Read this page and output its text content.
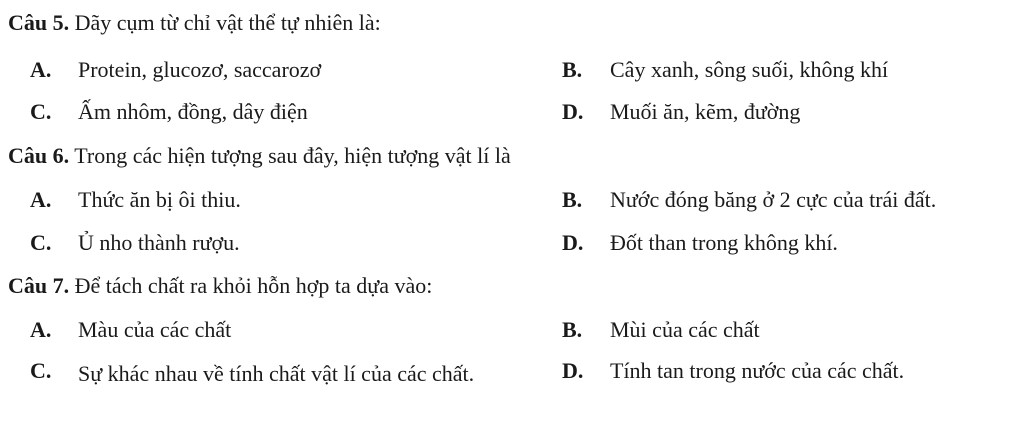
Câu 5. Dãy cụm từ chỉ vật thể tự nhiên là:
A.	Protein, glucozơ, saccarozơ	B.	Cây xanh, sông suối, không khí
C.	Ấm nhôm, đồng, dây điện	D.	Muối ăn, kẽm, đường
Câu 6. Trong các hiện tượng sau đây, hiện tượng vật lí là
A.	Thức ăn bị ôi thiu.	B.	Nước đóng băng ở 2 cực của trái đất.
C.	Ủ nho thành rượu.	D.	Đốt than trong không khí.
Câu 7. Để tách chất ra khỏi hỗn hợp ta dựa vào:
A.	Màu của các chất	B.	Mùi của các chất
C.	Sự khác nhau về tính chất vật lí của các chất.	D.	Tính tan trong nước của các chất.
